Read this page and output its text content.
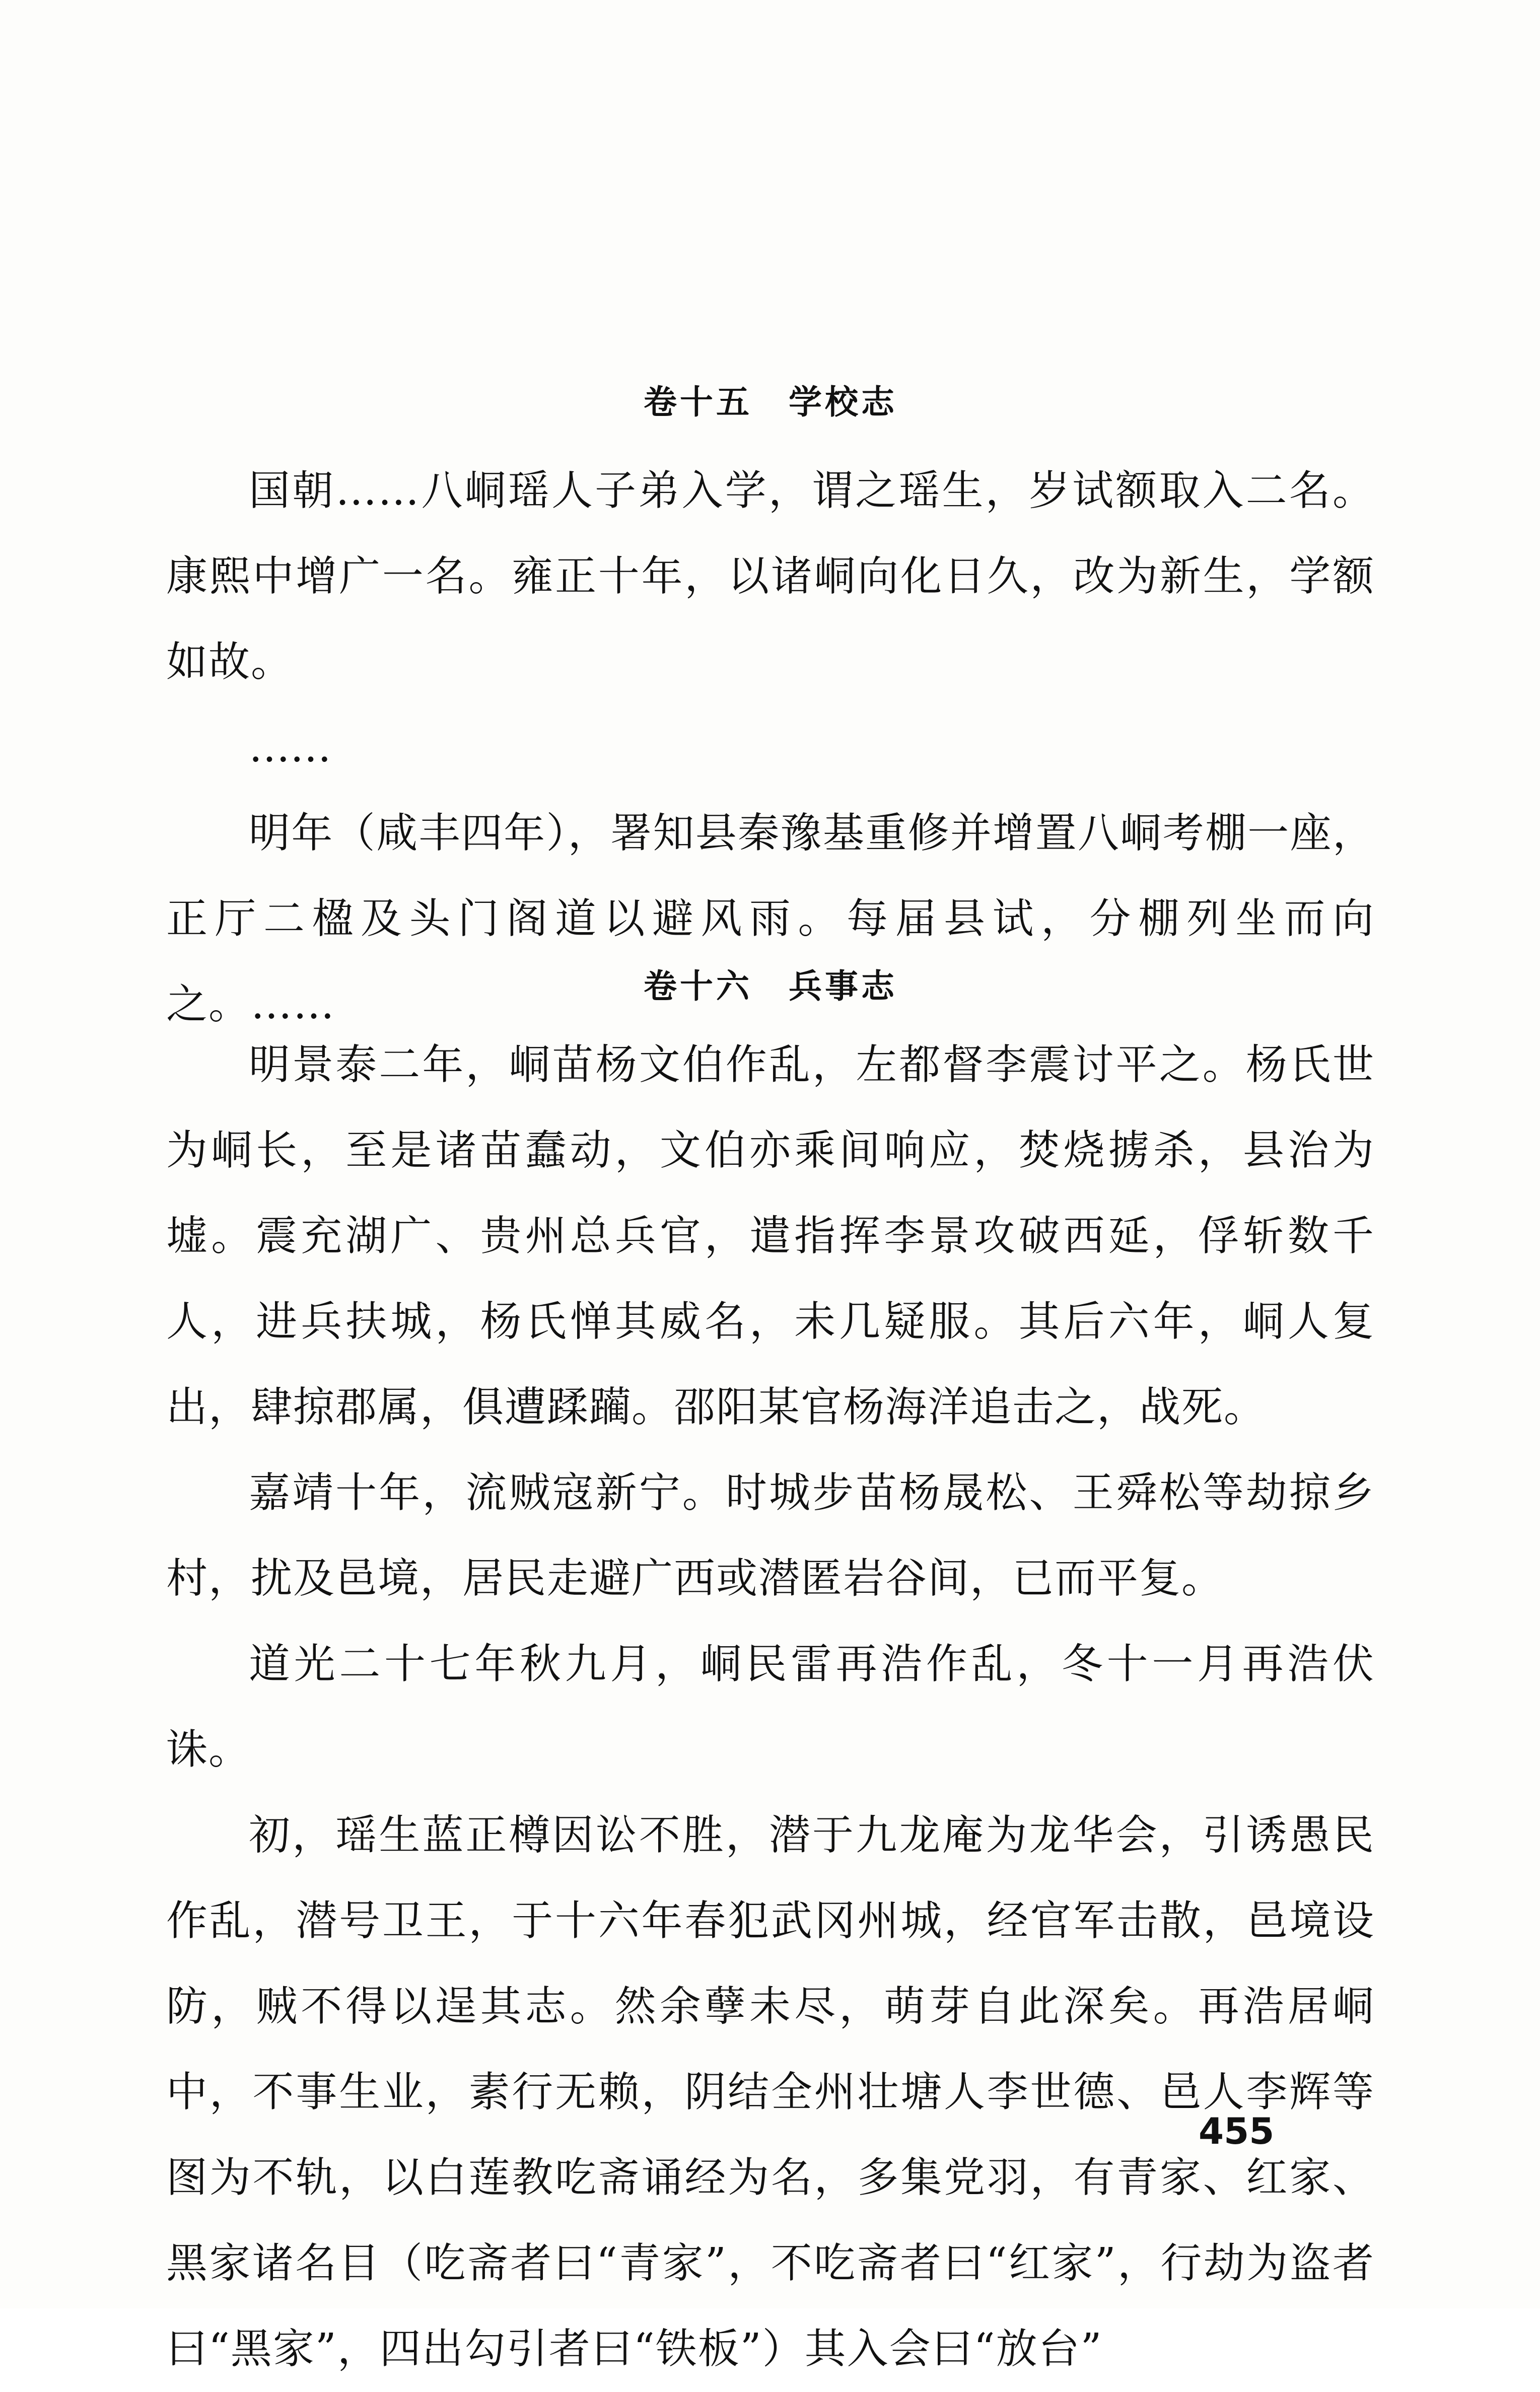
卷十五　学校志

国朝……八峒瑶人子弟入学，谓之瑶生，岁试额取入二名。康熙中增广一名。雍正十年，以诸峒向化日久，改为新生，学额如故。

……

明年（咸丰四年），署知县秦豫基重修并增置八峒考棚一座，正厅二楹及头门阁道以避风雨。每届县试，分棚列坐而向之。……	卷十六　兵事志

明景泰二年，峒苗杨文伯作乱，左都督李震讨平之。杨氏世为峒长，至是诸苗蠢动，文伯亦乘间响应，焚烧掳杀，县治为墟。震充湖广、贵州总兵官，遣指挥李景攻破西延，俘斩数千人，进兵扶城，杨氏惮其威名，未几疑服。其后六年，峒人复出，肆掠郡属，俱遭蹂躏。邵阳某官杨海洋追击之，战死。

嘉靖十年，流贼寇新宁。时城步苗杨晟松、王舜松等劫掠乡村，扰及邑境，居民走避广西或潜匿岩谷间，已而平复。

道光二十七年秋九月，峒民雷再浩作乱，冬十一月再浩伏诛。

初，瑶生蓝正樽因讼不胜，潜于九龙庵为龙华会，引诱愚民作乱，潜号卫王，于十六年春犯武冈州城，经官军击散，邑境设防，贼不得以逞其志。然余孽未尽，萌芽自此深矣。再浩居峒中，不事生业，素行无赖，阴结全州壮塘人李世德、邑人李辉等图为不轨，以白莲教吃斋诵经为名，多集党羽，有青家、红家、黑家诸名目（吃斋者曰“青家”，不吃斋者曰“红家”，行劫为盗者曰“黑家”，四出勾引者曰“铁板”）其入会曰“放台”

455
